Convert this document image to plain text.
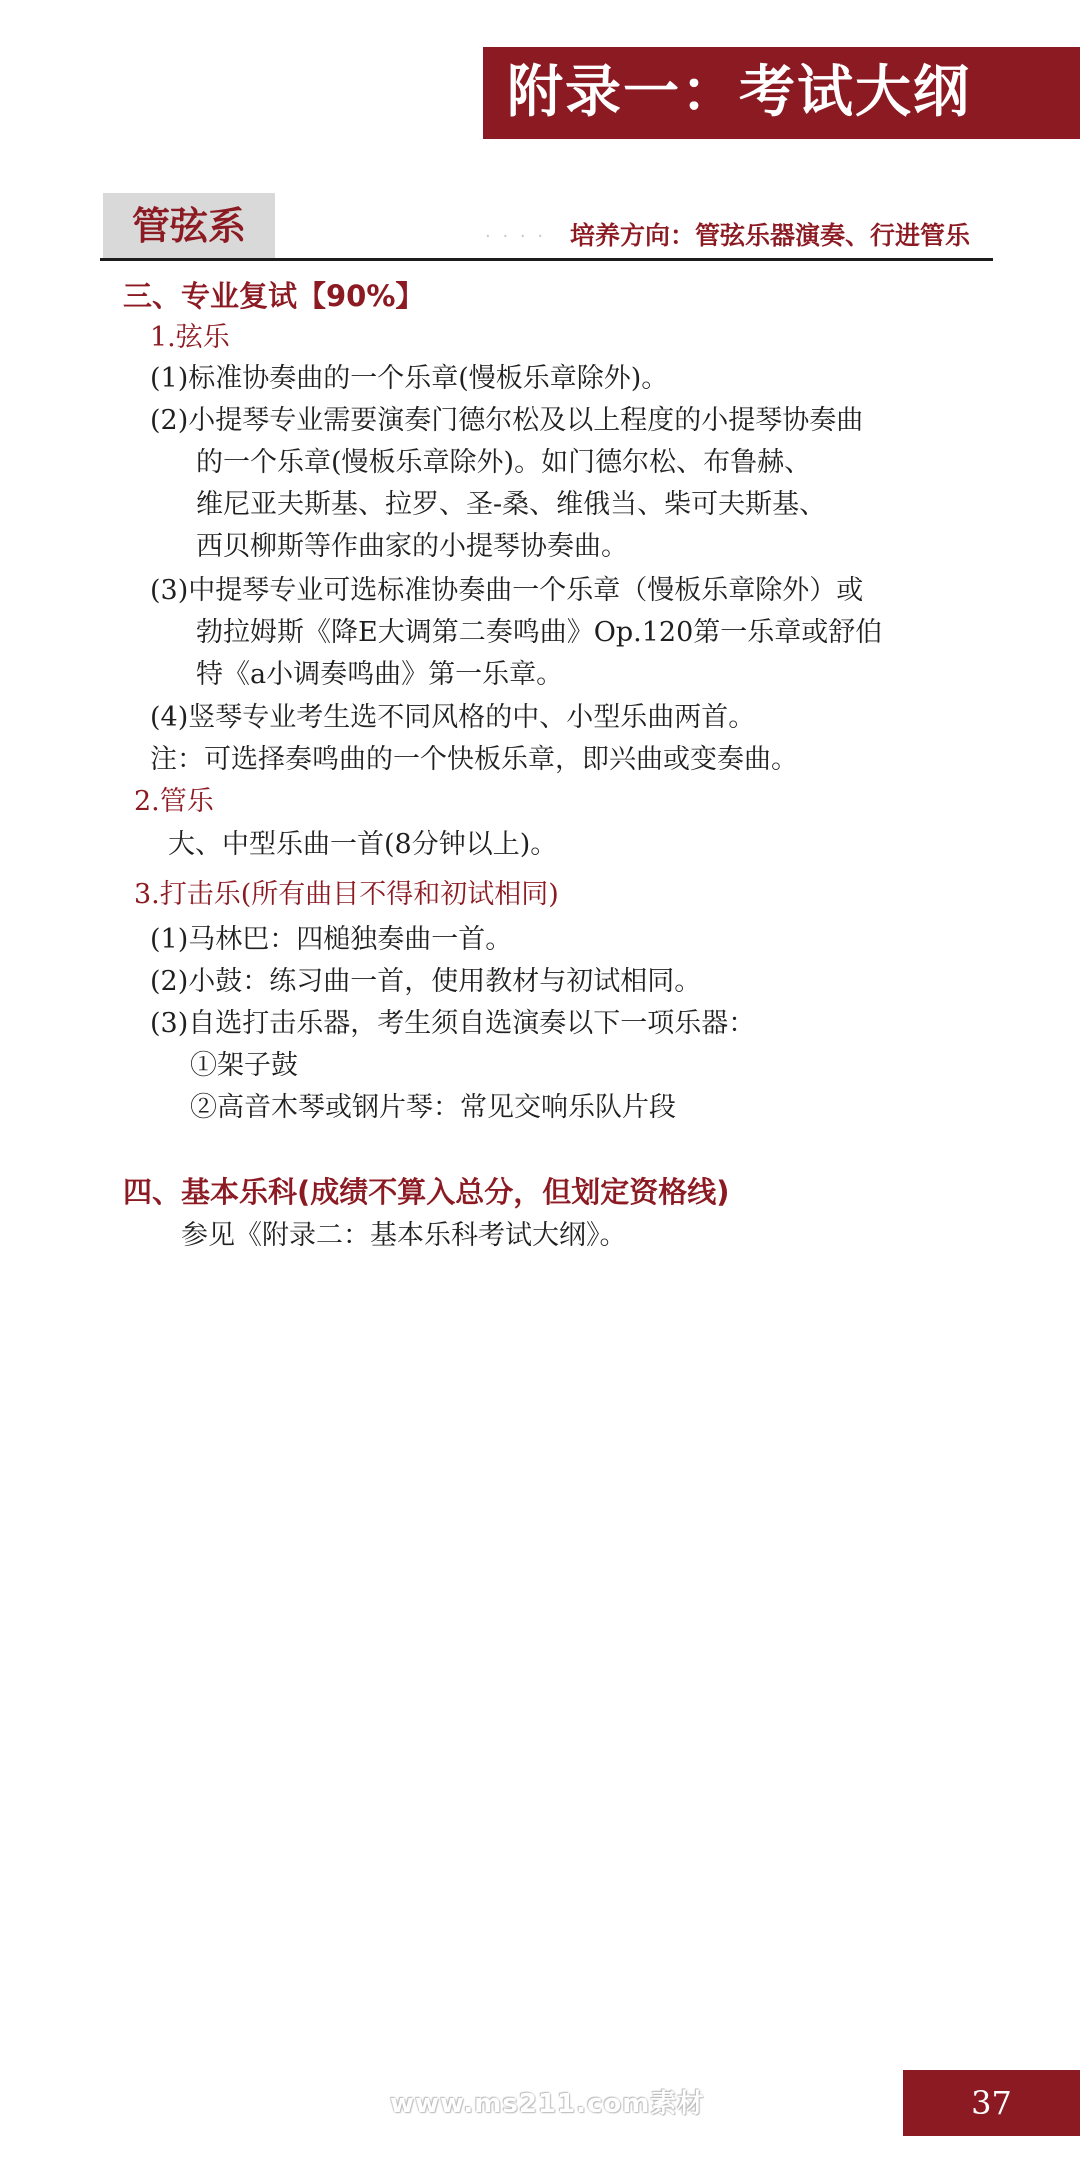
附录一：考试大纲
管弦系	· · · · 培养方向：管弦乐器演奏、行进管乐
三、专业复试【90%】
1.弦乐
(1)标准协奏曲的一个乐章(慢板乐章除外)。
(2)小提琴专业需要演奏门德尔松及以上程度的小提琴协奏曲
的一个乐章(慢板乐章除外)。如门德尔松、布鲁赫、
维尼亚夫斯基、拉罗、圣-桑、维俄当、柴可夫斯基、
西贝柳斯等作曲家的小提琴协奏曲。
(3)中提琴专业可选标准协奏曲一个乐章（慢板乐章除外）或
勃拉姆斯《降E大调第二奏鸣曲》Op.120第一乐章或舒伯
特《a小调奏鸣曲》第一乐章。
(4)竖琴专业考生选不同风格的中、小型乐曲两首。
注：可选择奏鸣曲的一个快板乐章，即兴曲或变奏曲。
2.管乐
大、中型乐曲一首(8分钟以上)。
3.打击乐(所有曲目不得和初试相同)
(1)马林巴：四槌独奏曲一首。
(2)小鼓：练习曲一首，使用教材与初试相同。
(3)自选打击乐器，考生须自选演奏以下一项乐器：
①架子鼓
②高音木琴或钢片琴：常见交响乐队片段
四、基本乐科(成绩不算入总分，但划定资格线)
参见《附录二：基本乐科考试大纲》。
www.ms211.com素材	37
